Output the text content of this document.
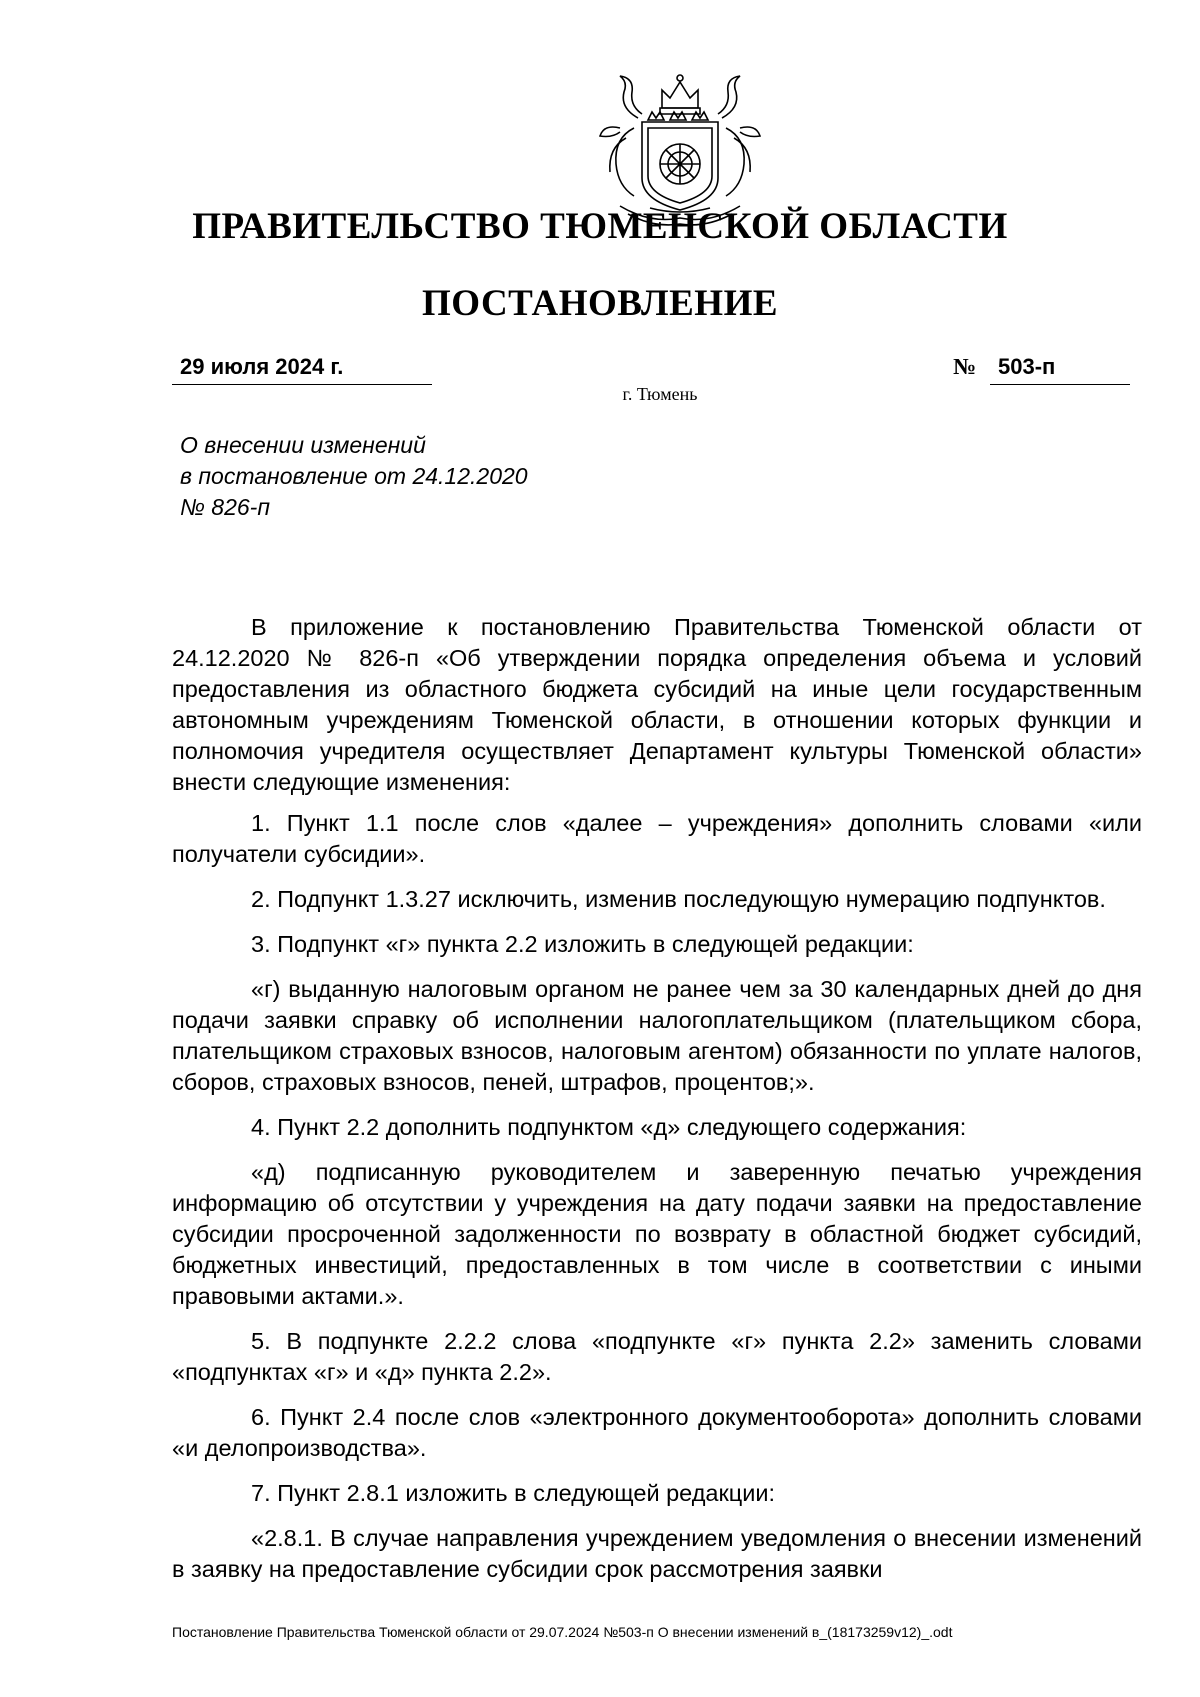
ПРАВИТЕЛЬСТВО ТЮМЕНСКОЙ ОБЛАСТИ
ПОСТАНОВЛЕНИЕ
29 июля 2024 г.	№ 503-п
г. Тюмень
О внесении изменений
в постановление от 24.12.2020
№ 826-п

В приложение к постановлению Правительства Тюменской области от 24.12.2020 № 826-п «Об утверждении порядка определения объема и условий предоставления из областного бюджета субсидий на иные цели государственным автономным учреждениям Тюменской области, в отношении которых функции и полномочия учредителя осуществляет Департамент культуры Тюменской области» внести следующие изменения:

1. Пункт 1.1 после слов «далее – учреждения» дополнить словами «или получатели субсидии».

2. Подпункт 1.3.27 исключить, изменив последующую нумерацию подпунктов.

3. Подпункт «г» пункта 2.2 изложить в следующей редакции:

«г) выданную налоговым органом не ранее чем за 30 календарных дней до дня подачи заявки справку об исполнении налогоплательщиком (плательщиком сбора, плательщиком страховых взносов, налоговым агентом) обязанности по уплате налогов, сборов, страховых взносов, пеней, штрафов, процентов;».

4. Пункт 2.2 дополнить подпунктом «д» следующего содержания:

«д) подписанную руководителем и заверенную печатью учреждения информацию об отсутствии у учреждения на дату подачи заявки на предоставление субсидии просроченной задолженности по возврату в областной бюджет субсидий, бюджетных инвестиций, предоставленных в том числе в соответствии с иными правовыми актами.».

5. В подпункте 2.2.2 слова «подпункте «г» пункта 2.2» заменить словами «подпунктах «г» и «д» пункта 2.2».

6. Пункт 2.4 после слов «электронного документооборота» дополнить словами «и делопроизводства».

7. Пункт 2.8.1 изложить в следующей редакции:

«2.8.1. В случае направления учреждением уведомления о внесении изменений в заявку на предоставление субсидии срок рассмотрения заявки

Постановление Правительства Тюменской области от 29.07.2024 №503-п О внесении изменений в_(18173259v12)_.odt
